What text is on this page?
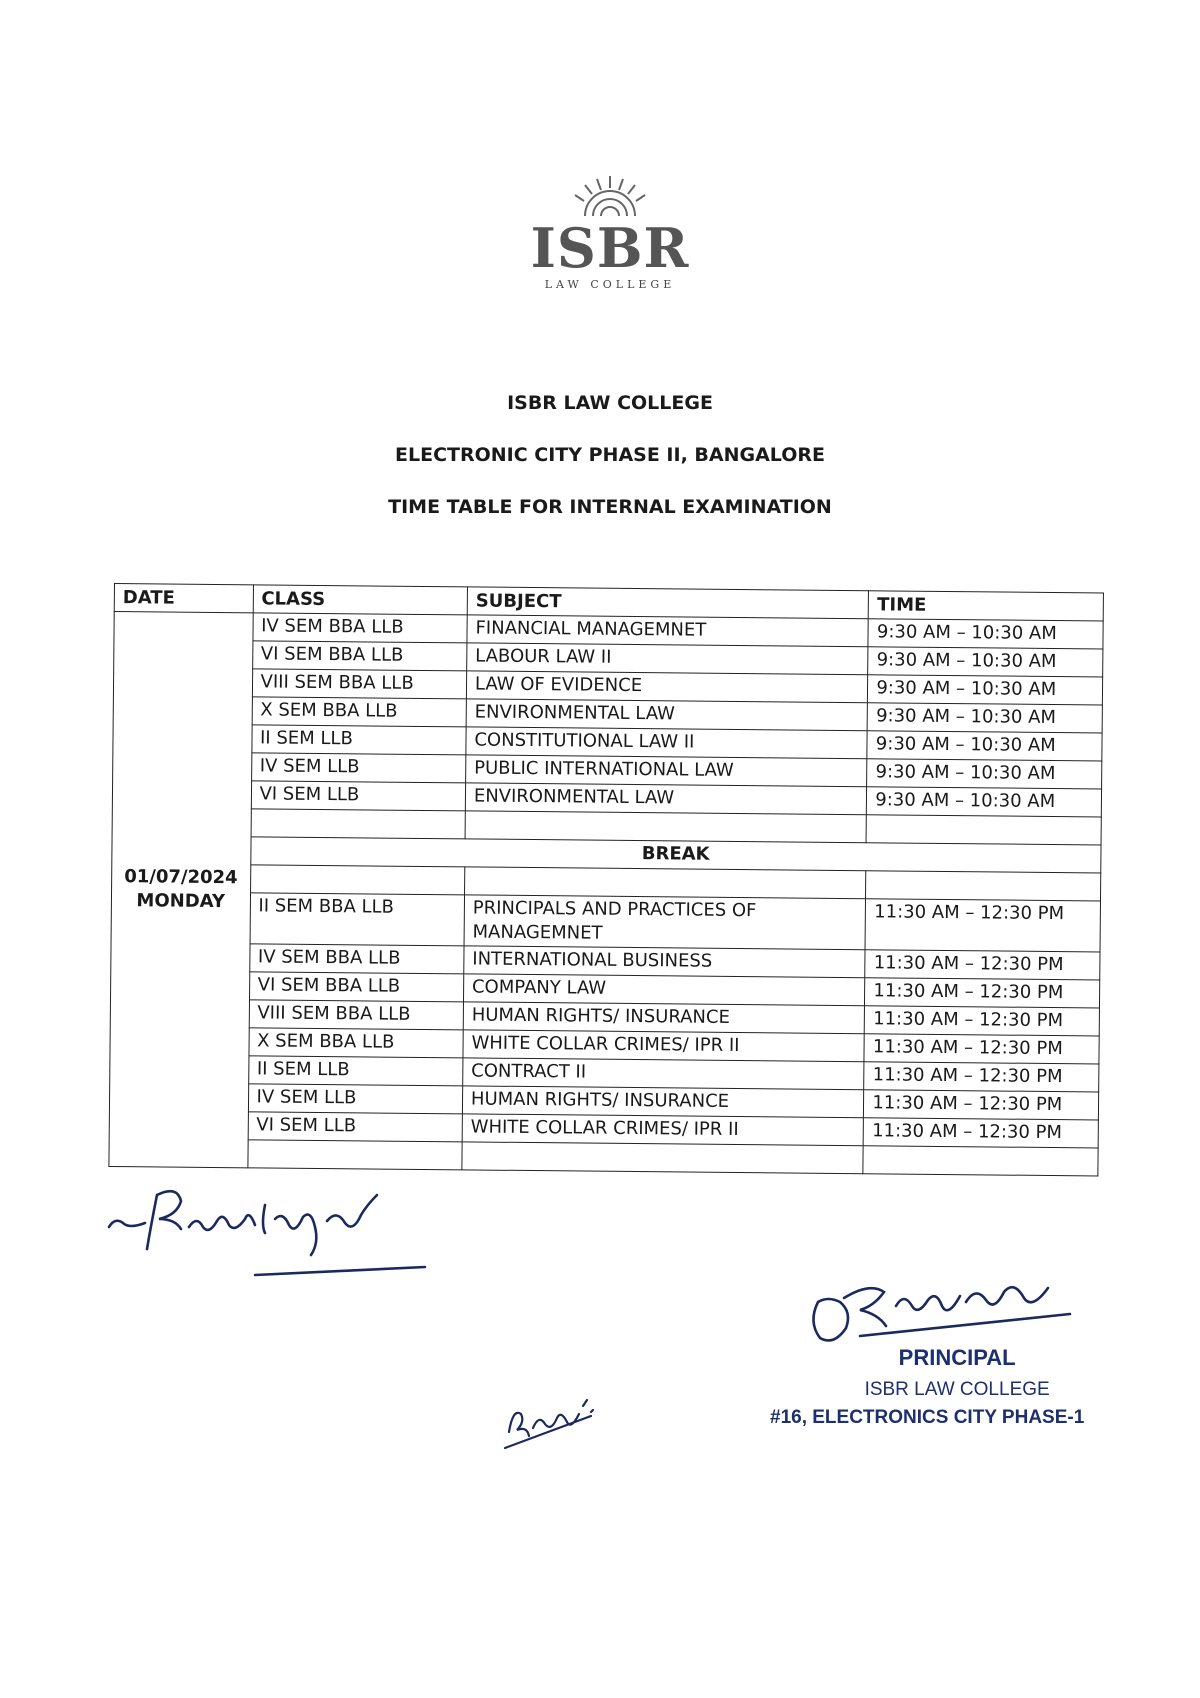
ISBR
LAW COLLEGE
ISBR LAW COLLEGE
ELECTRONIC CITY PHASE II, BANGALORE
TIME TABLE FOR INTERNAL EXAMINATION
DATE	CLASS	SUBJECT	TIME

01/07/2024
MONDAY	IV SEM BBA LLB	FINANCIAL MANAGEMNET	9:30 AM – 10:30 AM
	VI SEM BBA LLB	LABOUR LAW II	9:30 AM – 10:30 AM
	VIII SEM BBA LLB	LAW OF EVIDENCE	9:30 AM – 10:30 AM
	X SEM BBA LLB	ENVIRONMENTAL LAW	9:30 AM – 10:30 AM
	II SEM LLB	CONSTITUTIONAL LAW II	9:30 AM – 10:30 AM
	IV SEM LLB	PUBLIC INTERNATIONAL LAW	9:30 AM – 10:30 AM
	VI SEM LLB	ENVIRONMENTAL LAW	9:30 AM – 10:30 AM

	BREAK		

	II SEM BBA LLB	PRINCIPALS AND PRACTICES OF MANAGEMNET	11:30 AM – 12:30 PM
	IV SEM BBA LLB	INTERNATIONAL BUSINESS	11:30 AM – 12:30 PM
	VI SEM BBA LLB	COMPANY LAW	11:30 AM – 12:30 PM
	VIII SEM BBA LLB	HUMAN RIGHTS/ INSURANCE	11:30 AM – 12:30 PM
	X SEM BBA LLB	WHITE COLLAR CRIMES/ IPR II	11:30 AM – 12:30 PM
	II SEM LLB	CONTRACT II	11:30 AM – 12:30 PM
	IV SEM LLB	HUMAN RIGHTS/ INSURANCE	11:30 AM – 12:30 PM
	VI SEM LLB	WHITE COLLAR CRIMES/ IPR II	11:30 AM – 12:30 PM

PRINCIPAL
ISBR LAW COLLEGE
#16, ELECTRONICS CITY PHASE-1
